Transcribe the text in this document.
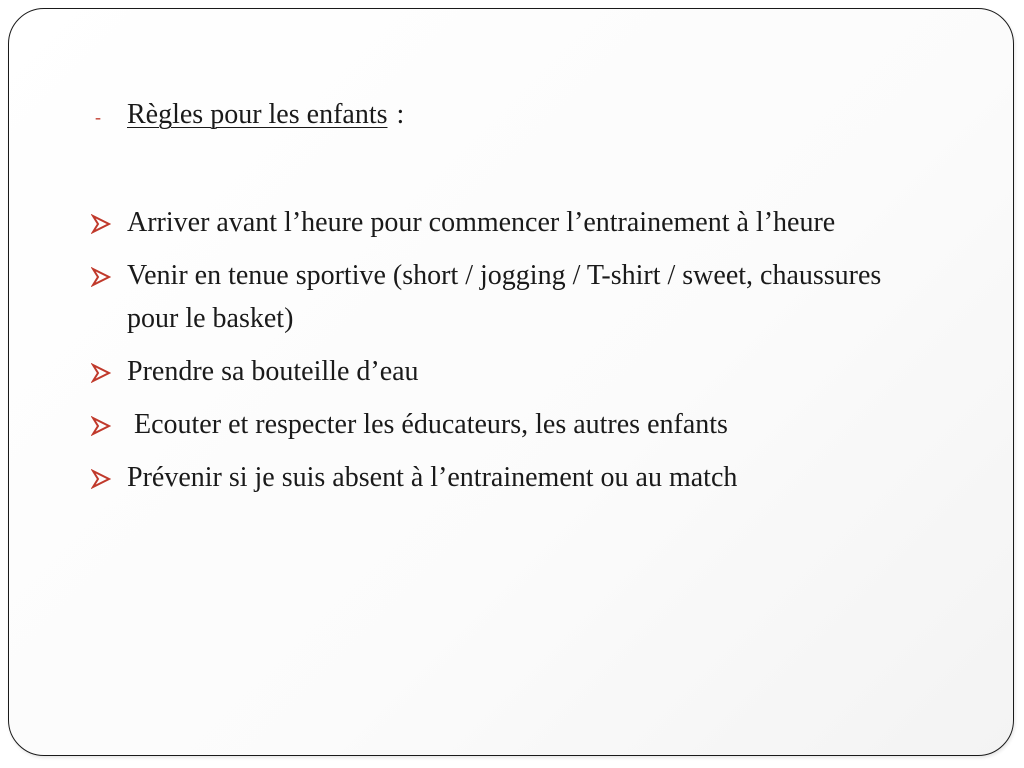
- Règles pour les enfants :
Arriver avant l’heure pour commencer l’entrainement à l’heure
Venir en tenue sportive (short / jogging / T-shirt / sweet, chaussures pour le basket)
Prendre sa bouteille d’eau
Ecouter et respecter les éducateurs, les autres enfants
Prévenir si je suis absent à l’entrainement ou au match
